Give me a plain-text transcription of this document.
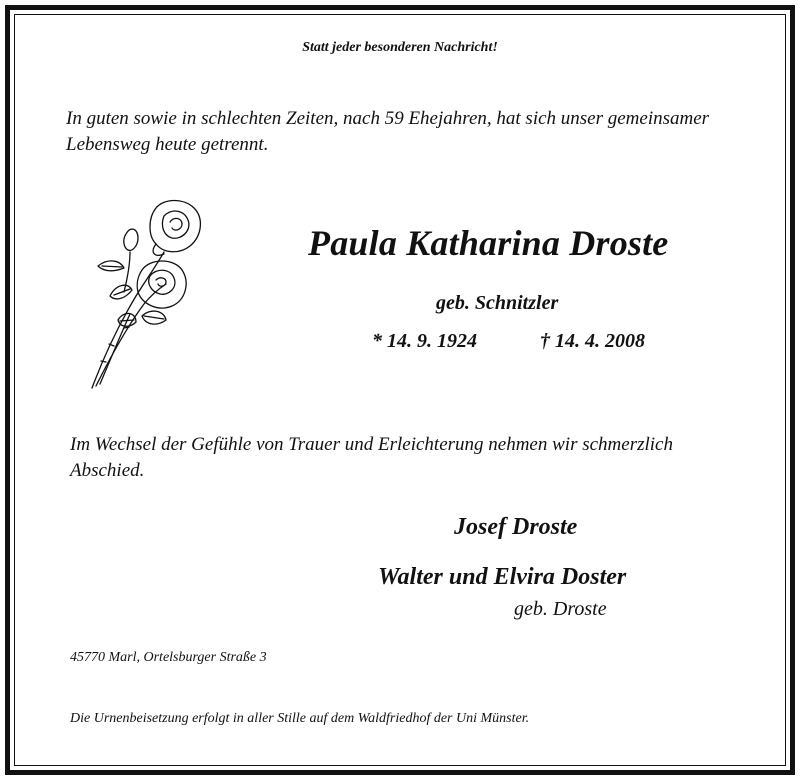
Statt jeder besonderen Nachricht!
In guten sowie in schlechten Zeiten, nach 59 Ehejahren, hat sich unser gemeinsamer Lebensweg heute getrennt.
Paula Katharina Droste
geb. Schnitzler
* 14. 9. 1924	† 14. 4. 2008
Im Wechsel der Gefühle von Trauer und Erleichterung nehmen wir schmerzlich Abschied.
Josef Droste
Walter und Elvira Doster
geb. Droste
45770 Marl, Ortelsburger Straße 3
Die Urnenbeisetzung erfolgt in aller Stille auf dem Waldfriedhof der Uni Münster.
